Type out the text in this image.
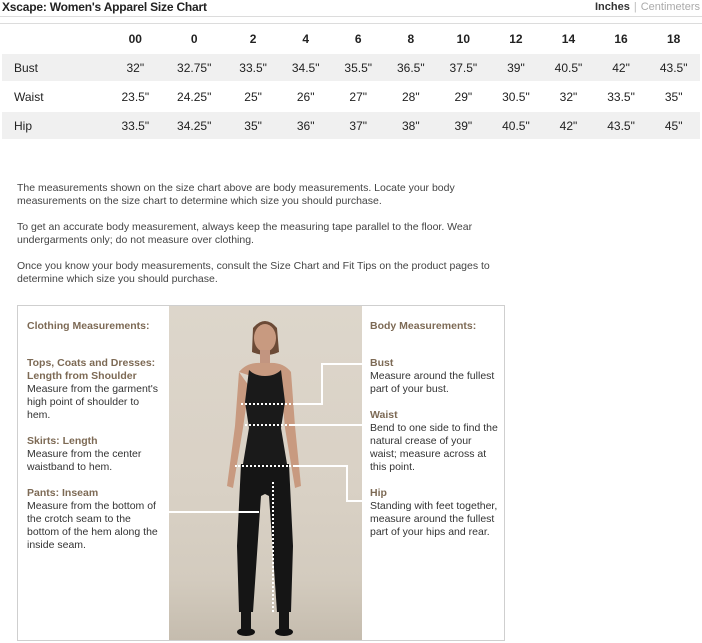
Xscape: Women's Apparel Size Chart	Inches | Centimeters
	00	0	2	4	6	8	10	12	14	16	18
Bust	32"	32.75"	33.5"	34.5"	35.5"	36.5"	37.5"	39"	40.5"	42"	43.5"
Waist	23.5"	24.25"	25"	26"	27"	28"	29"	30.5"	32"	33.5"	35"
Hip	33.5"	34.25"	35"	36"	37"	38"	39"	40.5"	42"	43.5"	45"
The measurements shown on the size chart above are body measurements. Locate your body measurements on the size chart to determine which size you should purchase.
To get an accurate body measurement, always keep the measuring tape parallel to the floor. Wear undergarments only; do not measure over clothing.
Once you know your body measurements, consult the Size Chart and Fit Tips on the product pages to determine which size you should purchase.
Clothing Measurements:
Tops, Coats and Dresses: Length from Shoulder
Measure from the garment's high point of shoulder to hem.
Skirts: Length
Measure from the center waistband to hem.
Pants: Inseam
Measure from the bottom of the crotch seam to the bottom of the hem along the inside seam.
Body Measurements:
Bust
Measure around the fullest part of your bust.
Waist
Bend to one side to find the natural crease of your waist; measure across at this point.
Hip
Standing with feet together, measure around the fullest part of your hips and rear.
